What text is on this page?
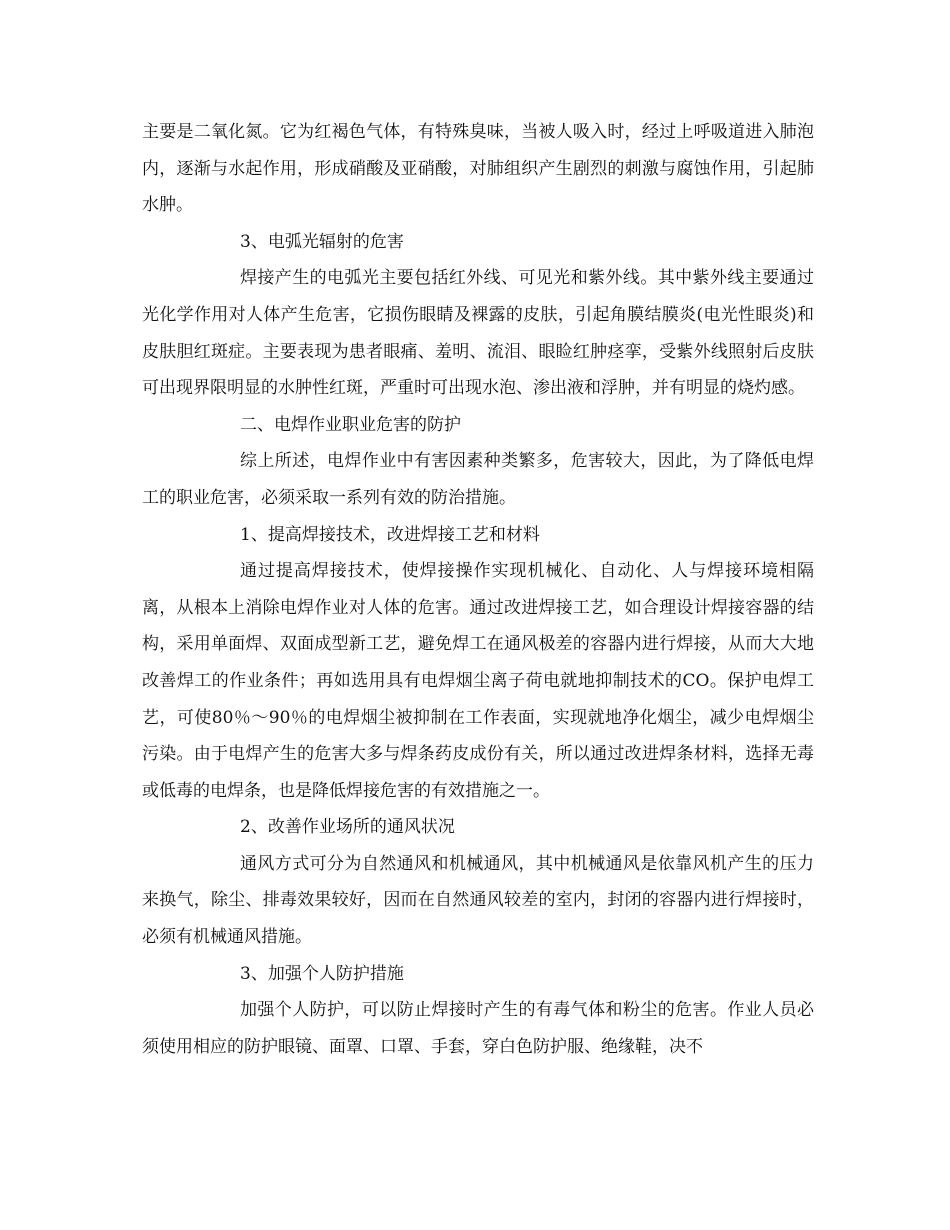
主要是二氧化氮。它为红褐色气体，有特殊臭味，当被人吸入时，经过上呼吸道进入肺泡内，逐渐与水起作用，形成硝酸及亚硝酸，对肺组织产生剧烈的刺激与腐蚀作用，引起肺水肿。

3、电弧光辐射的危害

焊接产生的电弧光主要包括红外线、可见光和紫外线。其中紫外线主要通过光化学作用对人体产生危害，它损伤眼睛及裸露的皮肤，引起角膜结膜炎(电光性眼炎)和皮肤胆红斑症。主要表现为患者眼痛、羞明、流泪、眼睑红肿痉挛，受紫外线照射后皮肤可出现界限明显的水肿性红斑，严重时可出现水泡、渗出液和浮肿，并有明显的烧灼感。

二、电焊作业职业危害的防护

综上所述，电焊作业中有害因素种类繁多，危害较大，因此，为了降低电焊工的职业危害，必须采取一系列有效的防治措施。

1、提高焊接技术，改进焊接工艺和材料

通过提高焊接技术，使焊接操作实现机械化、自动化、人与焊接环境相隔离，从根本上消除电焊作业对人体的危害。通过改进焊接工艺，如合理设计焊接容器的结构，采用单面焊、双面成型新工艺，避免焊工在通风极差的容器内进行焊接，从而大大地改善焊工的作业条件；再如选用具有电焊烟尘离子荷电就地抑制技术的CO。保护电焊工艺，可使80％～90％的电焊烟尘被抑制在工作表面，实现就地净化烟尘，减少电焊烟尘污染。由于电焊产生的危害大多与焊条药皮成份有关，所以通过改进焊条材料，选择无毒或低毒的电焊条，也是降低焊接危害的有效措施之一。

2、改善作业场所的通风状况

通风方式可分为自然通风和机械通风，其中机械通风是依靠风机产生的压力来换气，除尘、排毒效果较好，因而在自然通风较差的室内，封闭的容器内进行焊接时，必须有机械通风措施。

3、加强个人防护措施

加强个人防护，可以防止焊接时产生的有毒气体和粉尘的危害。作业人员必须使用相应的防护眼镜、面罩、口罩、手套，穿白色防护服、绝缘鞋，决不
